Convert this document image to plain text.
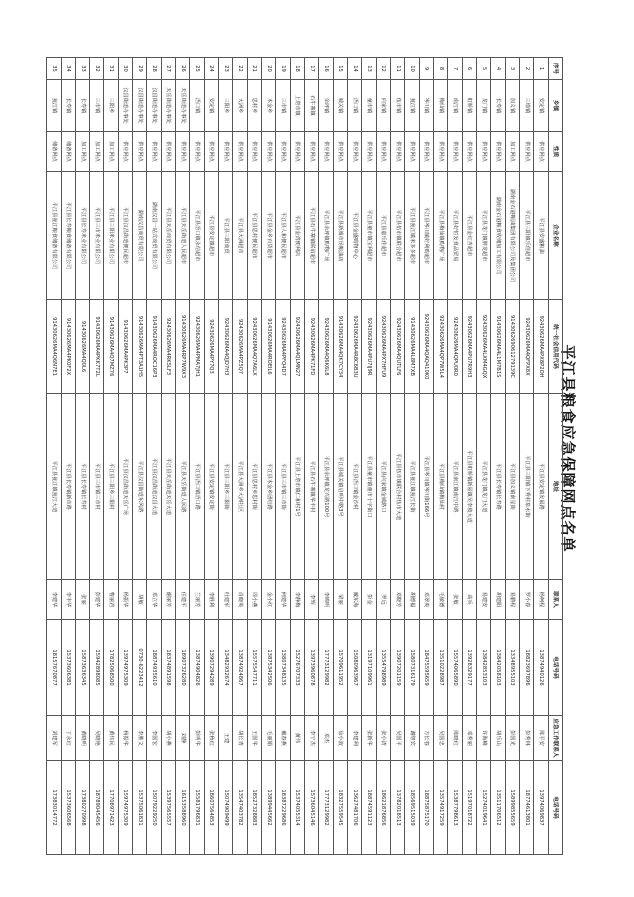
平江县粮食应急保障网点名单
序号	乡镇	性质	企业名称	统一社会信用代码	地址	联系人	电话号码	应急工作联系人	电话号码
1	安定镇	供应网点	平江县安盛粮油	92430626MA4PX8P2OH	平江县安定镇发展路	杨柯程	13874940126	陈平安	13974069837
2	三墩镇	供应网点	平江县三阳镇乐佳超市	92430626MA4QFPX8X	平江县三阳镇下秀村泉水街	罗小春	18823697896	彭秀林	18774613801
3	加义镇	加工网点	湖南金石港粮油集团有限公司及集团公司	914306269061279139C	平江县加义镇南星街	易鹏程	13348955103	彭国光	15899855659
4	长寿镇	供应网点	湖南金石港粮食收储加工有限公司	91430626MA4L1M7B1S	平江县长寿镇长寿路	胡建阳	13842058103	胡乐山	13511706512
5	龙门镇	供应网点	平江县龙门镇胖龙超市	92430626MA4LXM4GQX	平江县龙门镇龙门大道	易建安	13842853103	许海峰	15274019641
6	虹桥镇	供应网点	平江县金红杏超市	92430626MA4PU7R9H3	平江县虹桥镇新屋镇吴李坡大道	高兵	13928329177	邓秀丽	15197018722
7	南江镇	供应网点	平江县好恒发食品贸易	92430626MA4QPU0R0	平江县南江镇南江中路	张敏	15574065890	陈晓红	15387798613
8	梅仙镇	供应网点	平江县梅仙镇购物广场	92430626MA4QP7W5L4	平江县梅仙镇梅仙村	毛敏德	13510228987	吴国忠	13574917259
9	岑川镇	供应网点	平江县岑川镇好利购超市	92430626MA4QAQ410K0	平江县岑川镇岑川街166号	邓翠英	18475595659	方长春	18875875170
10	瓮江镇	供应网点	平江县瓮江镇米多多超市	91430626MA4L8M7XB	平江县瓮江镇瓮江长街	胡德福	15807316179	谢继宾	18569515039
11	伍市镇	供应网点	平江县伍市镇联合超市	92430626MA4QUTLF6	平江县伍市镇联合村伍市大道	邓晓芳	13907201159	吴国平	13782018513
12	向家镇	供应网点	平江县嘉乐佳超市	92430626MA4PX7HFU9	平江县向家镇金城路口	罗远	13554798989	张小清	18621876856
13	童市镇	供应网点	平江县童市镇宝利超市	92430626MA4PU7IJ9R	平江县童市镇童市十字街口	彭金	13197109961	张新华	18874591123
14	浯口镇	供应网点	平江县金盛购物中心	92430626MA4R8C6B3U	平江县浯口镇金沙村	戴东海	15080963967	李建利	13627481706
15	城关镇	供应网点	平江县新城市场粮油店	91430626MA4QK7CY34	平江县城关镇启明中路3号	梁丽	15709611952	徐小波	18327559545
16	余坪镇	供应网点	平江县余坪镇购物广场	92430626MA4Q6K6L8	平江县余坪镇龙兴路100号	李锦明	17773129982	邓杰	17773129982
17	石牛寨镇	供应网点	平江县石牛寨镇联谊超市	92430626MA4PK71FD	平江县石牛寨镇华丰村	李辉	13973960878	李宁杰	15736045146
18	上塔市镇	供应网点	平江县金湾便利店	92430626MA4QLMN27	平江县上塔市镇仁和村1号	李静梅	15276707333	黄伟	15374055314
19	三市镇	供应网点	平江县人和便民超市	92430626MA4PFQ4D7	平江县三市镇三市街	何建华	13807348135	戴春燕	18387229686
20	木金乡	供应网点	平江县金乡百货超市	91430626MA4ROEIL6	平江县木金乡团结路	金小红	13875342506	毛丽娟	13899445662
21	思村乡	供应网点	平江县思村便民超市	92430626MA4Q7A6LX	平江县思村乡思村街	周小燕	15575547711	王国华	18527328883
22	大洲乡	供应网点	平江县大洲超市	92430626MA4PZ5Q7	平江县大洲乡大洲社区	肖晓英	13874924867	胡长青	13547403782
23	三阳乡	供应网点	平江县三阳商贸	92430626MA4QJD7H3	平江县三阳乡三阳街	杜建军	13482932674	王建	15074909499
24	安定镇	供应网点	平江县安定镇超市	92430626MA4PY7Q3	平江县安定镇安定街	李胜利	13907294289	张秋红	18607564853
25	浯口镇	供应网点	平江县浯口镇永信超市	92430626MA4PMA7JH1	平江县浯口镇浯口路	兰丽芳	13874904826	彭明华	15581796831
26	天岳街道办事处	供应网点	平江县天岳街道人民超市	91430626MA4RP7W9X3	平江县天岳街道人民路	任建平	18907326280	刘静	16153588960
27	天岳街道办事处	供应网点	平江县天岳商贸有限公司	92430626MA4RK5LF3	平江县天岳街道天岳大道	谢丽芳	18374891598	胡小燕	15397565557
28	汉昌街道办事处	供应网点	湖南汉昌一站式商贸有限公司	91430626MA4ROC16P3	平江县汉昌街道汉昌大道	邓立华	18874935610	李国宏	15079229250
29	汉昌街道办事处	供应网点	湖南汉昌商贸有限公司	91430626MA4PT3A1H5	平江县汉昌街道东风路	胡敏	0730-6223412	李胜文	15375061831
30	汉昌街道办事处	供应网点	平江县汉昌街道便民超市	91430626MA4PK3P7	平江县汉昌街道天岳广场	杨振华	13974975309	杨振华	15974975309
31	三阳乡	加工网点	平江县三阳米业有限公司	91430626MA4Q7MZ76	平江县三阳乡三阳村	曹丽君	17825068500	黄伟民	17708971423
32	三市镇	加工网点	平江县三市米业有限公司	91430626MA4PKK7T2L	平江县三市镇三市村	彭建华	15942898085	吴晓艳	18789045456
33	长寿镇	加工网点	平江县长寿米业有限公司	91430626MA4Q0L6	平江县长寿镇长寿村	张丽	15873636345	黄晓明	17380270998
34	长寿镇	储备网点	平江县长寿粮食储备有限公司	91430626MA4PK0F2X	平江县长寿镇新市路	李丰华	15373606381	丁永红	15373606568
35	瓮江镇	储备网点	平江县瓮江粮食储备有限公司	91430626MA4Q6N7E1	平江县瓮江镇瓮江大道	李建华	18157670877	刘建军	17383014772
